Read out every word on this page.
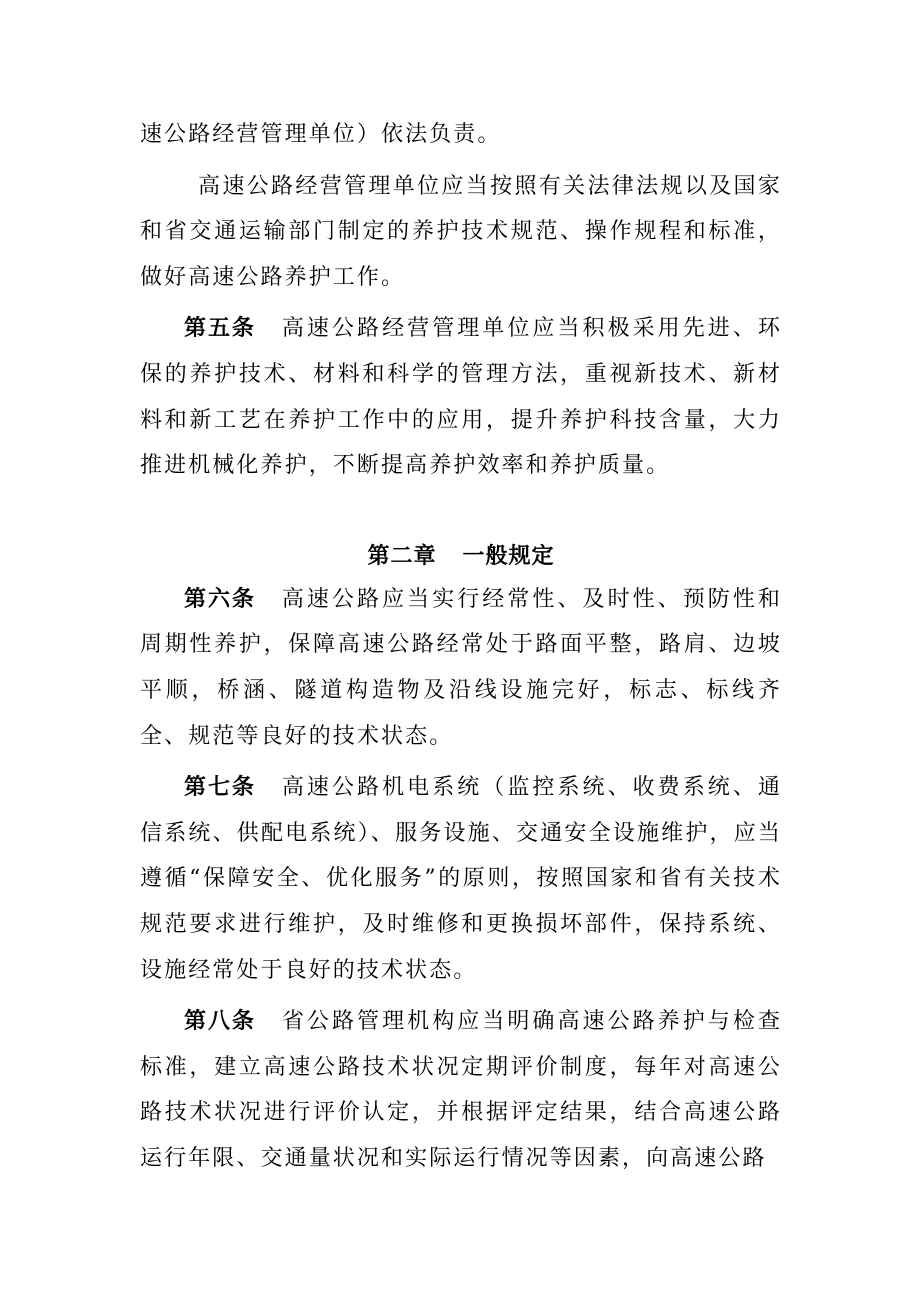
速公路经营管理单位）依法负责。

高速公路经营管理单位应当按照有关法律法规以及国家和省交通运输部门制定的养护技术规范、操作规程和标准，做好高速公路养护工作。

第五条 高速公路经营管理单位应当积极采用先进、环保的养护技术、材料和科学的管理方法，重视新技术、新材料和新工艺在养护工作中的应用，提升养护科技含量，大力推进机械化养护，不断提高养护效率和养护质量。

第二章   一般规定

第六条 高速公路应当实行经常性、及时性、预防性和周期性养护，保障高速公路经常处于路面平整，路肩、边坡平顺，桥涵、隧道构造物及沿线设施完好，标志、标线齐全、规范等良好的技术状态。

第七条 高速公路机电系统（监控系统、收费系统、通信系统、供配电系统）、服务设施、交通安全设施维护，应当遵循“保障安全、优化服务”的原则，按照国家和省有关技术规范要求进行维护，及时维修和更换损坏部件，保持系统、设施经常处于良好的技术状态。

第八条 省公路管理机构应当明确高速公路养护与检查标准，建立高速公路技术状况定期评价制度，每年对高速公路技术状况进行评价认定，并根据评定结果，结合高速公路运行年限、交通量状况和实际运行情况等因素，向高速公路
